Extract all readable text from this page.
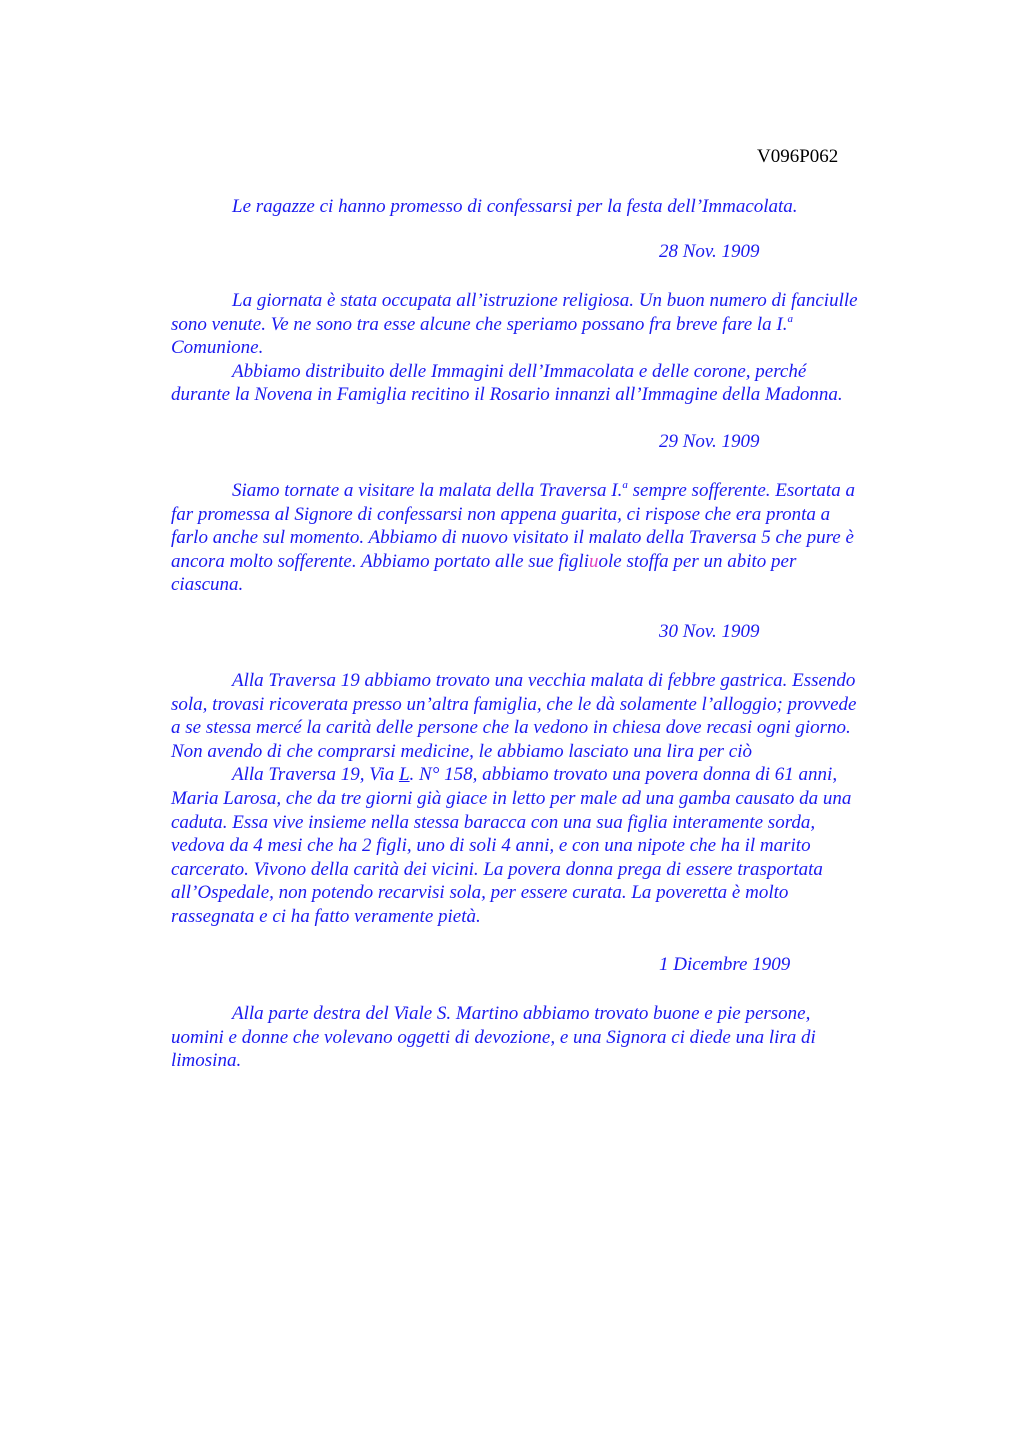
V096P062
Le ragazze ci hanno promesso di confessarsi per la festa dell’Immacolata.
28 Nov. 1909
La giornata è stata occupata all’istruzione religiosa. Un buon numero di fanciulle
sono venute. Ve ne sono tra esse alcune che speriamo possano fra breve fare la I.$^a$
Comunione.
Abbiamo distribuito delle Immagini dell’Immacolata e delle corone, perché
durante la Novena in Famiglia recitino il Rosario innanzi all’Immagine della Madonna.
29 Nov. 1909
Siamo tornate a visitare la malata della Traversa I.$^a$ sempre sofferente. Esortata a
far promessa al Signore di confessarsi non appena guarita, ci rispose che era pronta a
farlo anche sul momento. Abbiamo di nuovo visitato il malato della Traversa 5 che pure è
ancora molto sofferente. Abbiamo portato alle sue figliuole stoffa per un abito per
ciascuna.
30 Nov. 1909
Alla Traversa 19 abbiamo trovato una vecchia malata di febbre gastrica. Essendo
sola, trovasi ricoverata presso un’altra famiglia, che le dà solamente l’alloggio; provvede
a se stessa mercé la carità delle persone che la vedono in chiesa dove recasi ogni giorno.
Non avendo di che comprarsi medicine, le abbiamo lasciato una lira per ciò
Alla Traversa 19, Via L. N° 158, abbiamo trovato una povera donna di 61 anni,
Maria Larosa, che da tre giorni già giace in letto per male ad una gamba causato da una
caduta. Essa vive insieme nella stessa baracca con una sua figlia interamente sorda,
vedova da 4 mesi che ha 2 figli, uno di soli 4 anni, e con una nipote che ha il marito
carcerato. Vivono della carità dei vicini. La povera donna prega di essere trasportata
all’Ospedale, non potendo recarvisi sola, per essere curata. La poveretta è molto
rassegnata e ci ha fatto veramente pietà.
1 Dicembre 1909
Alla parte destra del Viale S. Martino abbiamo trovato buone e pie persone,
uomini e donne che volevano oggetti di devozione, e una Signora ci diede una lira di
limosina.
